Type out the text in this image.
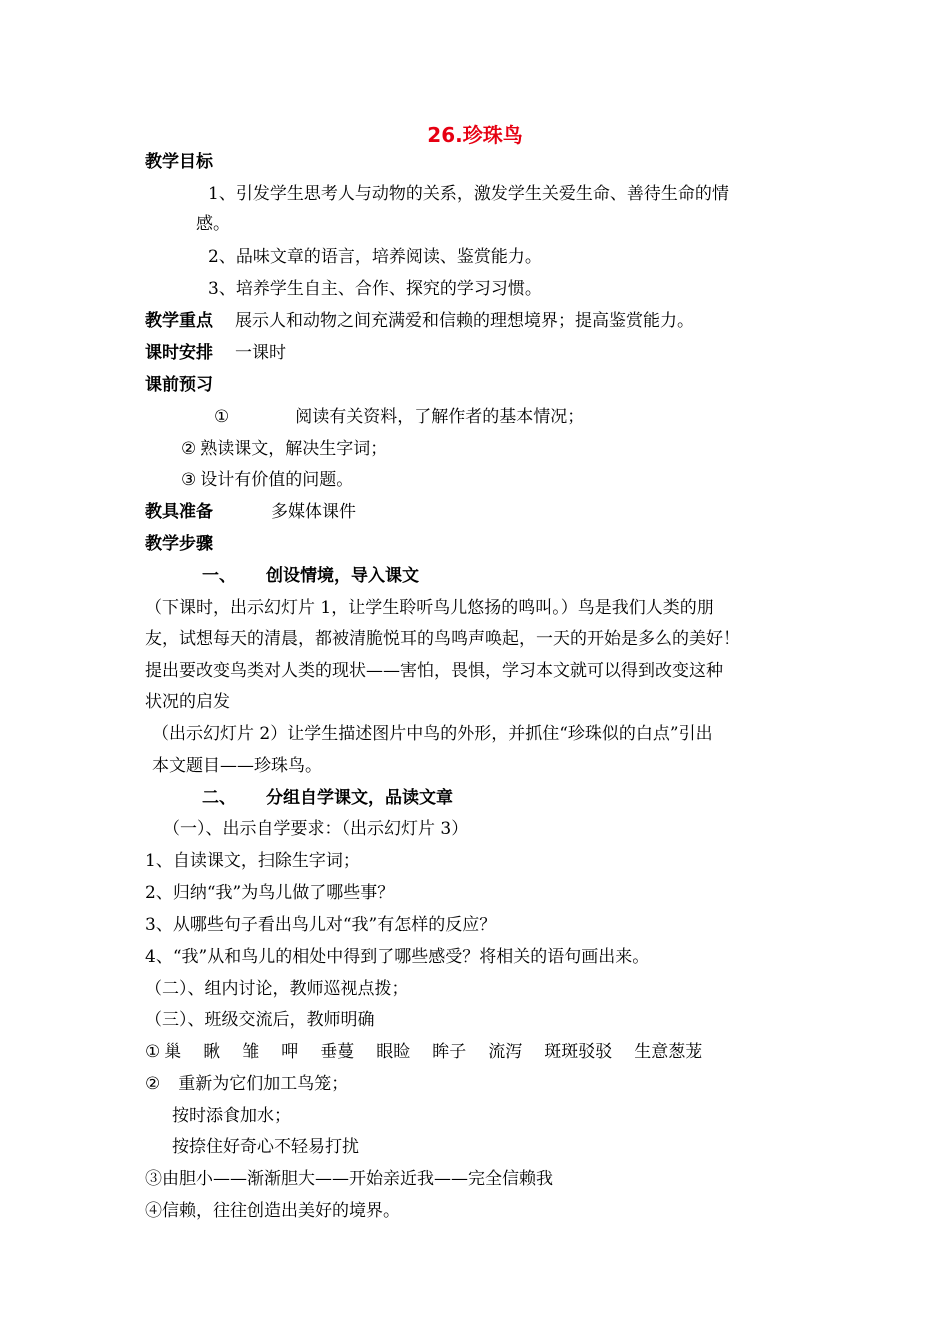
26.珍珠鸟
教学目标
1、引发学生思考人与动物的关系，激发学生关爱生命、善待生命的情
感。
2、品味文章的语言，培养阅读、鉴赏能力。
3、培养学生自主、合作、探究的学习习惯。
教学重点 展示人和动物之间充满爱和信赖的理想境界；提高鉴赏能力。
课时安排 一课时
课前预习
①	阅读有关资料，了解作者的基本情况；
② 熟读课文，解决生字词；
③ 设计有价值的问题。
教具准备	多媒体课件
教学步骤
一、 创设情境，导入课文
（下课时，出示幻灯片 1，让学生聆听鸟儿悠扬的鸣叫。）鸟是我们人类的朋
友，试想每天的清晨，都被清脆悦耳的鸟鸣声唤起，一天的开始是多么的美好！
提出要改变鸟类对人类的现状——害怕，畏惧，学习本文就可以得到改变这种
状况的启发
（出示幻灯片 2）让学生描述图片中鸟的外形，并抓住“珍珠似的白点”引出
本文题目——珍珠鸟。
二、 分组自学课文，品读文章
（一）、出示自学要求：（出示幻灯片 3）
1、自读课文，扫除生字词；
2、归纳“我”为鸟儿做了哪些事？
3、从哪些句子看出鸟儿对“我”有怎样的反应？
4、“我”从和鸟儿的相处中得到了哪些感受？将相关的语句画出来。
（二）、组内讨论，教师巡视点拨；
（三）、班级交流后，教师明确
① 巢 瞅 雏 呷 垂蔓 眼睑 眸子 流泻 斑斑驳驳 生意葱茏
② 重新为它们加工鸟笼；
按时添食加水；
按捺住好奇心不轻易打扰
③由胆小——渐渐胆大——开始亲近我——完全信赖我
④信赖，往往创造出美好的境界。
